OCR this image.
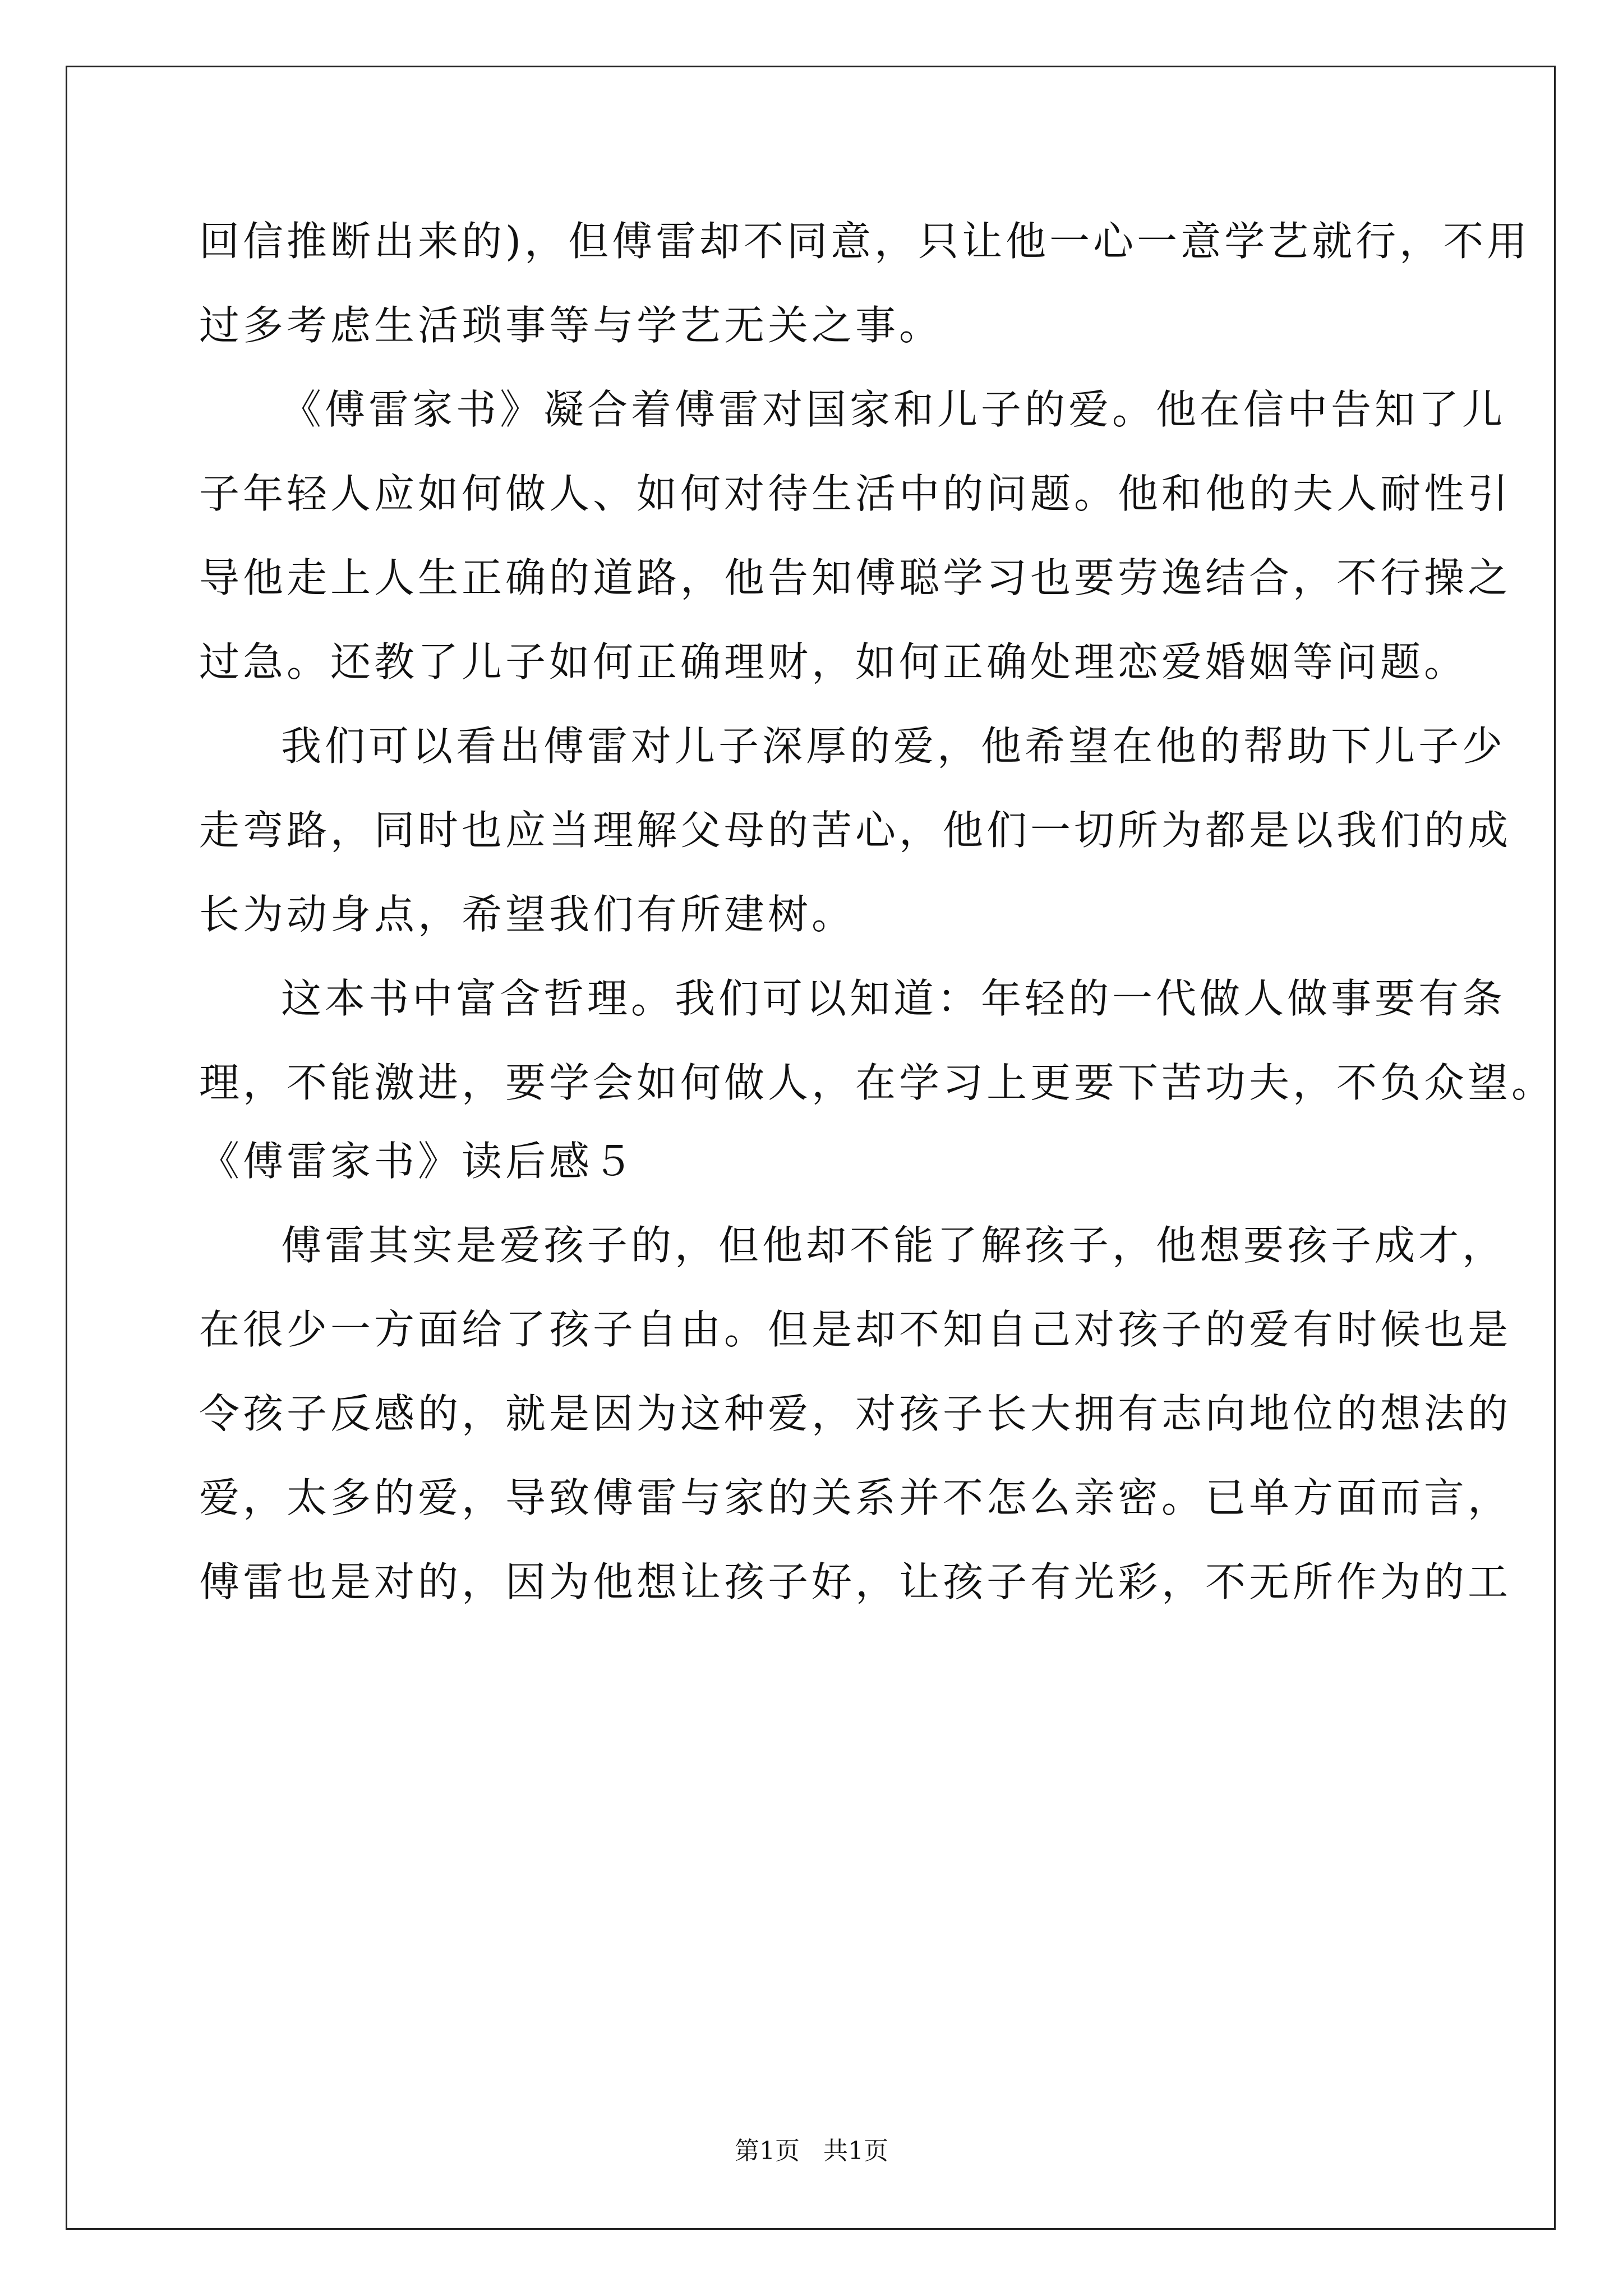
回信推断出来的)，但傅雷却不同意，只让他一心一意学艺就行，不用
过多考虑生活琐事等与学艺无关之事。
《傅雷家书》凝合着傅雷对国家和儿子的爱。他在信中告知了儿
子年轻人应如何做人、如何对待生活中的问题。他和他的夫人耐性引
导他走上人生正确的道路，他告知傅聪学习也要劳逸结合，不行操之
过急。还教了儿子如何正确理财，如何正确处理恋爱婚姻等问题。
我们可以看出傅雷对儿子深厚的爱，他希望在他的帮助下儿子少
走弯路，同时也应当理解父母的苦心，他们一切所为都是以我们的成
长为动身点，希望我们有所建树。
这本书中富含哲理。我们可以知道：年轻的一代做人做事要有条
理，不能激进，要学会如何做人，在学习上更要下苦功夫，不负众望。
《傅雷家书》读后感５
傅雷其实是爱孩子的，但他却不能了解孩子，他想要孩子成才，
在很少一方面给了孩子自由。但是却不知自己对孩子的爱有时候也是
令孩子反感的，就是因为这种爱，对孩子长大拥有志向地位的想法的
爱，太多的爱，导致傅雷与家的关系并不怎么亲密。已单方面而言，
傅雷也是对的，因为他想让孩子好，让孩子有光彩，不无所作为的工
第1页 共1页
